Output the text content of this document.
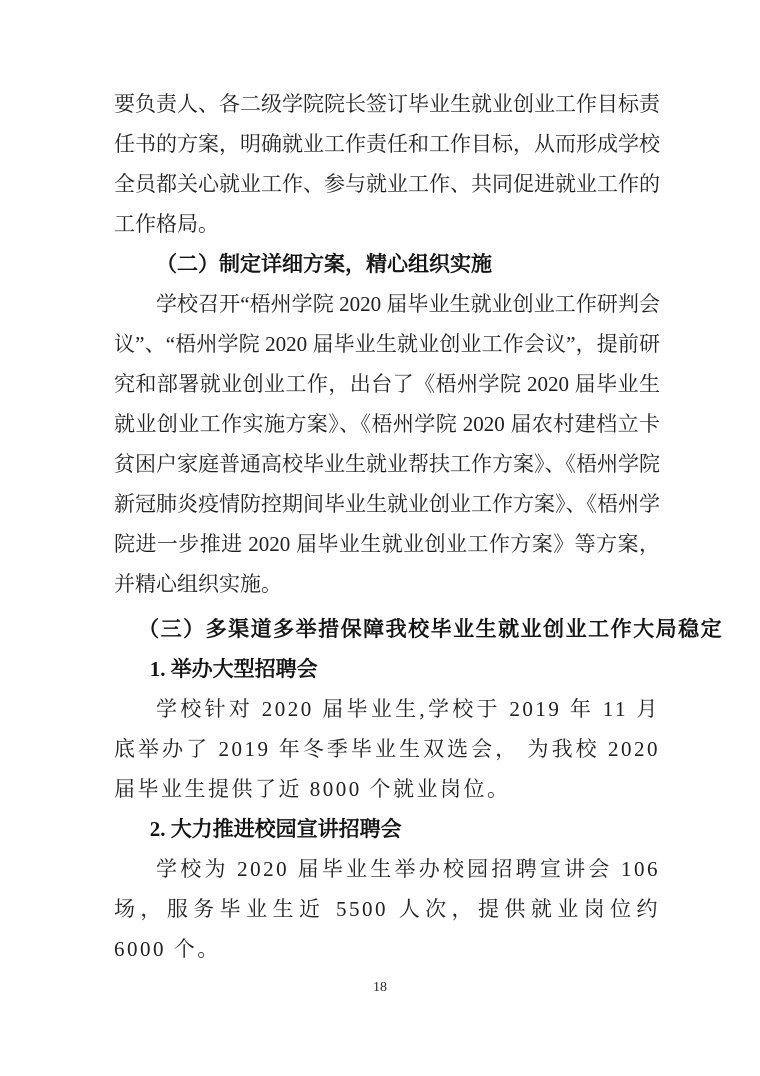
要负责人、各二级学院院长签订毕业生就业创业工作目标责任书的方案，明确就业工作责任和工作目标，从而形成学校全员都关心就业工作、参与就业工作、共同促进就业工作的工作格局。

（二）制定详细方案，精心组织实施

学校召开“梧州学院 2020 届毕业生就业创业工作研判会议”、“梧州学院 2020 届毕业生就业创业工作会议”，提前研究和部署就业创业工作，出台了《梧州学院 2020 届毕业生就业创业工作实施方案》、《梧州学院 2020 届农村建档立卡贫困户家庭普通高校毕业生就业帮扶工作方案》、《梧州学院新冠肺炎疫情防控期间毕业生就业创业工作方案》、《梧州学院进一步推进 2020 届毕业生就业创业工作方案》等方案，并精心组织实施。

（三）多渠道多举措保障我校毕业生就业创业工作大局稳定

1. 举办大型招聘会

学校针对 2020 届毕业生,学校于 2019 年 11 月底举办了 2019 年冬季毕业生双选会， 为我校 2020 届毕业生提供了近 8000 个就业岗位。

2. 大力推进校园宣讲招聘会

学校为 2020 届毕业生举办校园招聘宣讲会 106 场，服务毕业生近 5500 人次，提供就业岗位约 6000 个。

18
